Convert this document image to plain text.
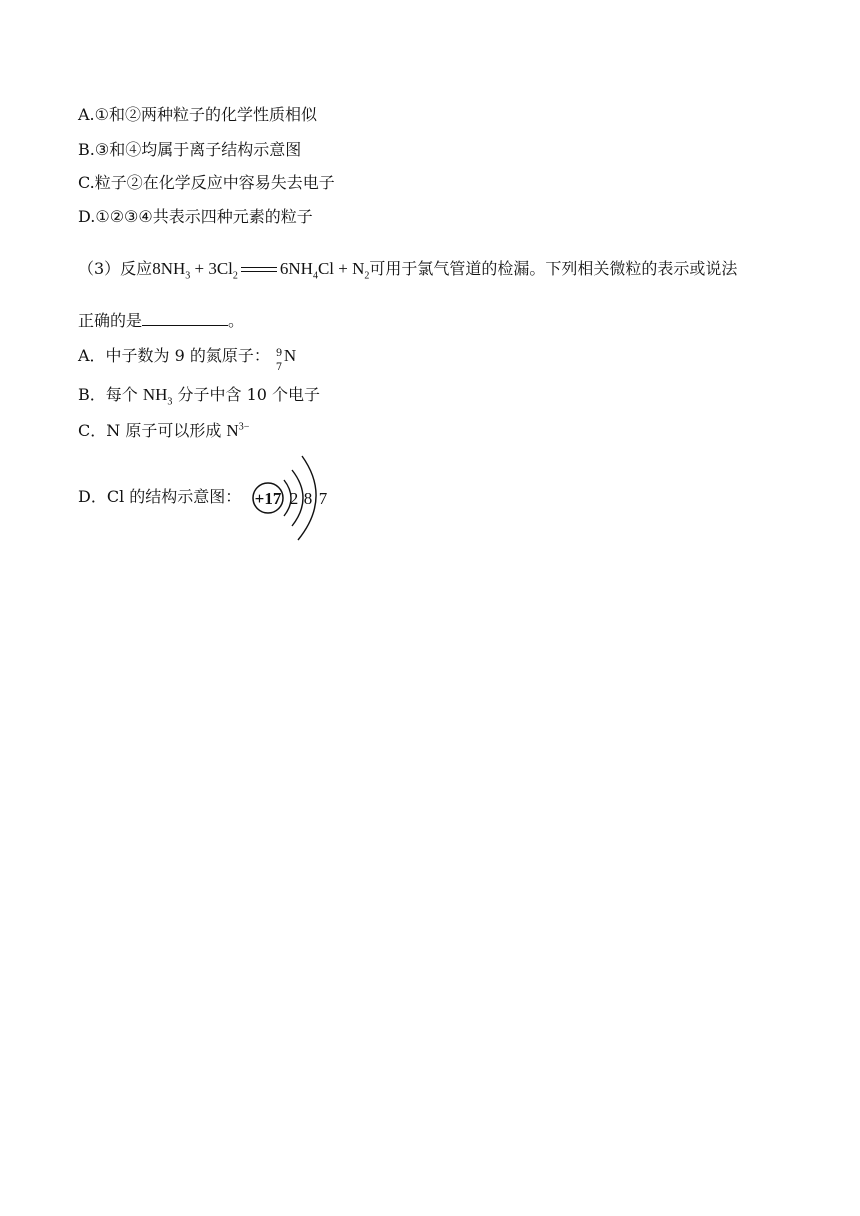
A.①和②两种粒子的化学性质相似
B.③和④均属于离子结构示意图
C.粒子②在化学反应中容易失去电子
D.①②③④共表示四种元素的粒子
（3）反应$8NH_3 + 3Cl_2$ $6NH_4Cl + N_2$可用于氯气管道的检漏。下列相关微粒的表示或说法
正确的是	。
A．中子数为 9 的氮原子： 9
7
N
B．每个 $NH_3$ 分子中含 10 个电子
C．N 原子可以形成 $N^{3-}$
D．Cl 的结构示意图： +17 2 8 7
